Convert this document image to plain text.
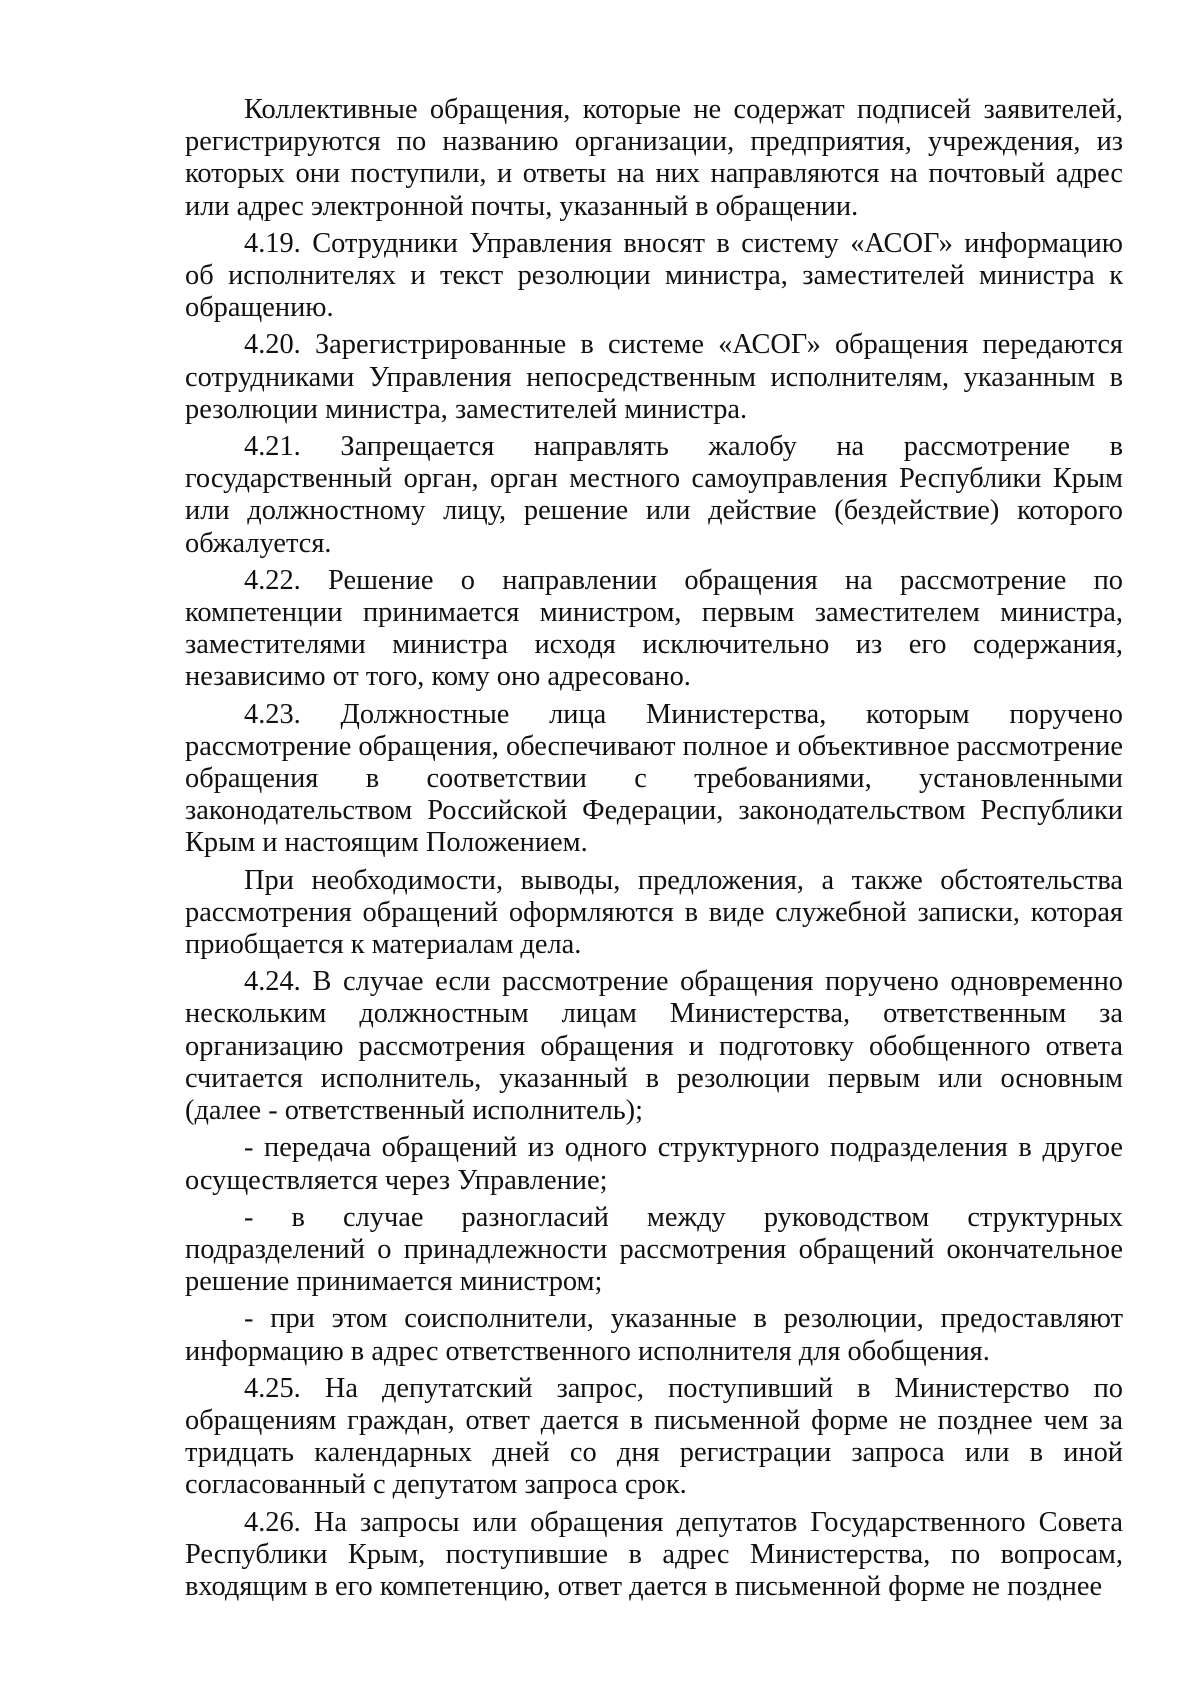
Коллективные обращения, которые не содержат подписей заявителей, регистрируются по названию организации, предприятия, учреждения, из которых они поступили, и ответы на них направляются на почтовый адрес или адрес электронной почты, указанный в обращении.

4.19. Сотрудники Управления вносят в систему «АСОГ» информацию об исполнителях и текст резолюции министра, заместителей министра к обращению.

4.20. Зарегистрированные в системе «АСОГ» обращения передаются сотрудниками Управления непосредственным исполнителям, указанным в резолюции министра, заместителей министра.

4.21. Запрещается направлять жалобу на рассмотрение в государственный орган, орган местного самоуправления Республики Крым или должностному лицу, решение или действие (бездействие) которого обжалуется.

4.22. Решение о направлении обращения на рассмотрение по компетенции принимается министром, первым заместителем министра, заместителями министра исходя исключительно из его содержания, независимо от того, кому оно адресовано.

4.23. Должностные лица Министерства, которым поручено рассмотрение обращения, обеспечивают полное и объективное рассмотрение обращения в соответствии с требованиями, установленными законодательством Российской Федерации, законодательством Республики Крым и настоящим Положением.

При необходимости, выводы, предложения, а также обстоятельства рассмотрения обращений оформляются в виде служебной записки, которая приобщается к материалам дела.

4.24. В случае если рассмотрение обращения поручено одновременно нескольким должностным лицам Министерства, ответственным за организацию рассмотрения обращения и подготовку обобщенного ответа считается исполнитель, указанный в резолюции первым или основным (далее - ответственный исполнитель);

- передача обращений из одного структурного подразделения в другое осуществляется через Управление;

- в случае разногласий между руководством структурных подразделений о принадлежности рассмотрения обращений окончательное решение принимается министром;

- при этом соисполнители, указанные в резолюции, предоставляют информацию в адрес ответственного исполнителя для обобщения.

4.25. На депутатский запрос, поступивший в Министерство по обращениям граждан, ответ дается в письменной форме не позднее чем за тридцать календарных дней со дня регистрации запроса или в иной согласованный с депутатом запроса срок.

4.26. На запросы или обращения депутатов Государственного Совета Республики Крым, поступившие в адрес Министерства, по вопросам, входящим в его компетенцию, ответ дается в письменной форме не позднее
